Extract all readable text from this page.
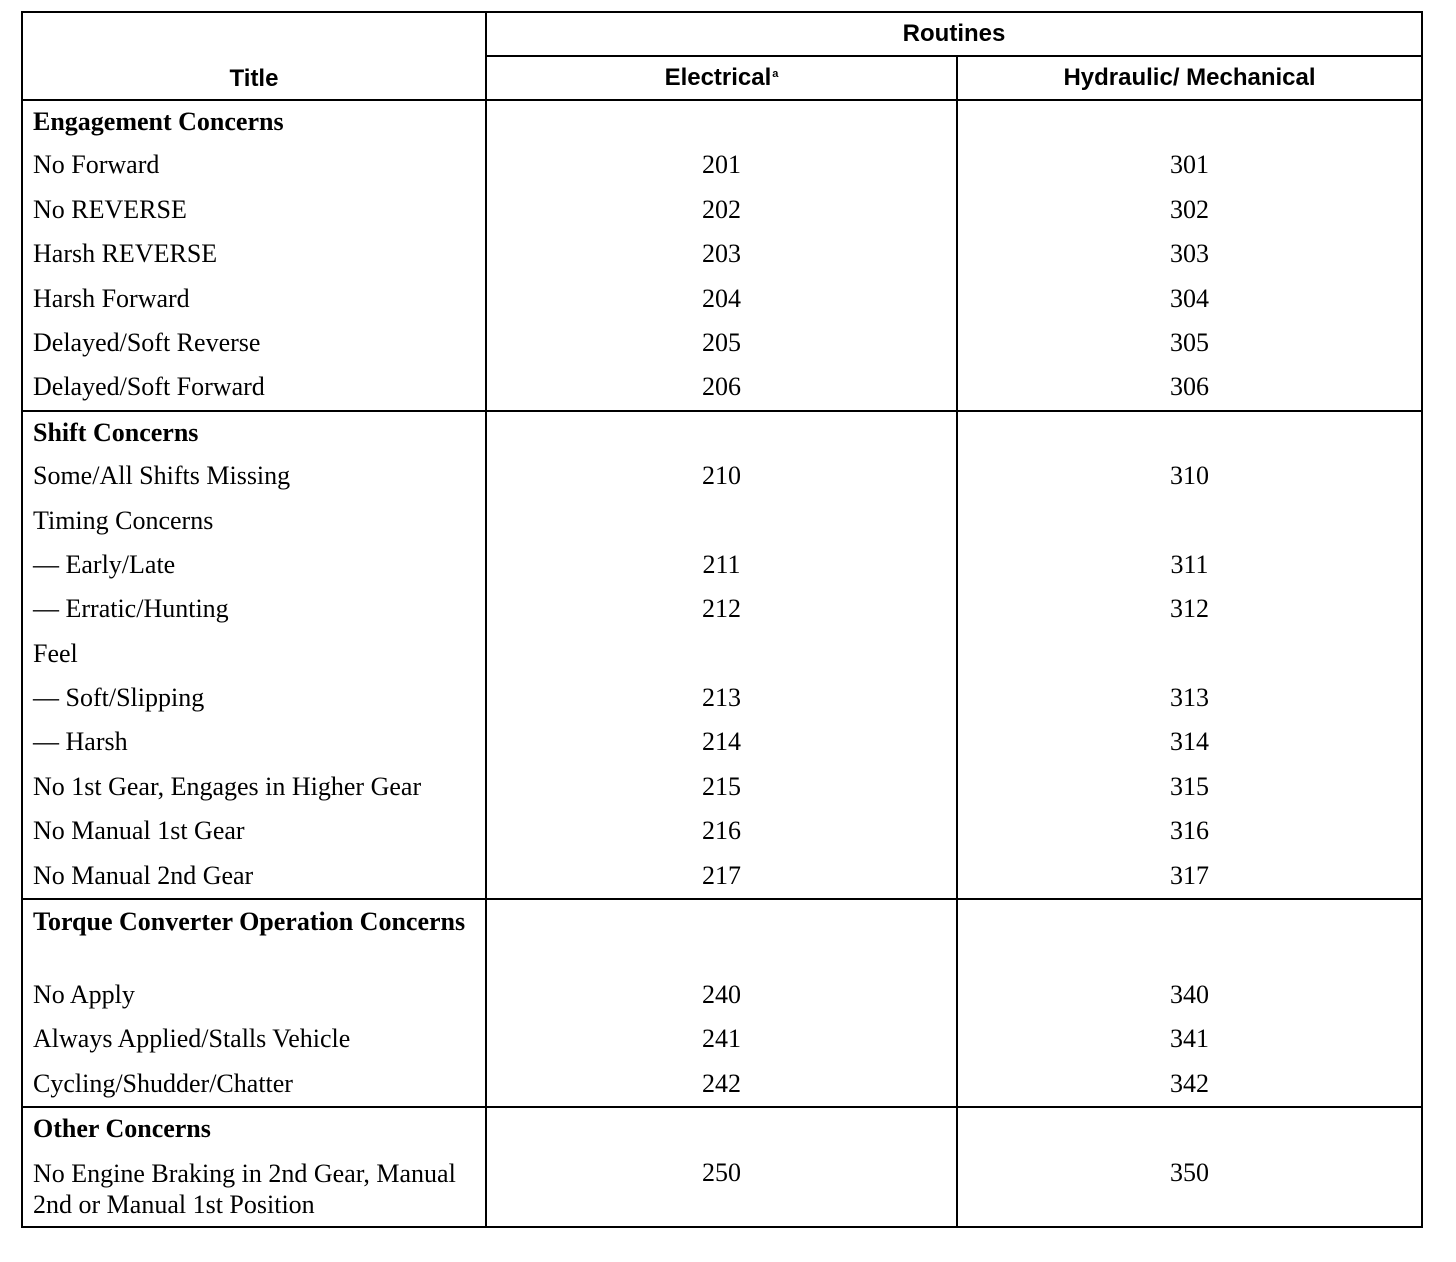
Title	Routines	
	Electrical$^a$	Hydraulic/ Mechanical
Engagement Concerns		
No Forward	201	301
No REVERSE	202	302
Harsh REVERSE	203	303
Harsh Forward	204	304
Delayed/Soft Reverse	205	305
Delayed/Soft Forward	206	306
Shift Concerns		
Some/All Shifts Missing	210	310
Timing Concerns		
— Early/Late	211	311
— Erratic/Hunting	212	312
Feel		
— Soft/Slipping	213	313
— Harsh	214	314
No 1st Gear, Engages in Higher Gear	215	315
No Manual 1st Gear	216	316
No Manual 2nd Gear	217	317
Torque Converter Operation Concerns		
No Apply	240	340
Always Applied/Stalls Vehicle	241	341
Cycling/Shudder/Chatter	242	342
Other Concerns		
No Engine Braking in 2nd Gear, Manual 2nd or Manual 1st Position	250	350
